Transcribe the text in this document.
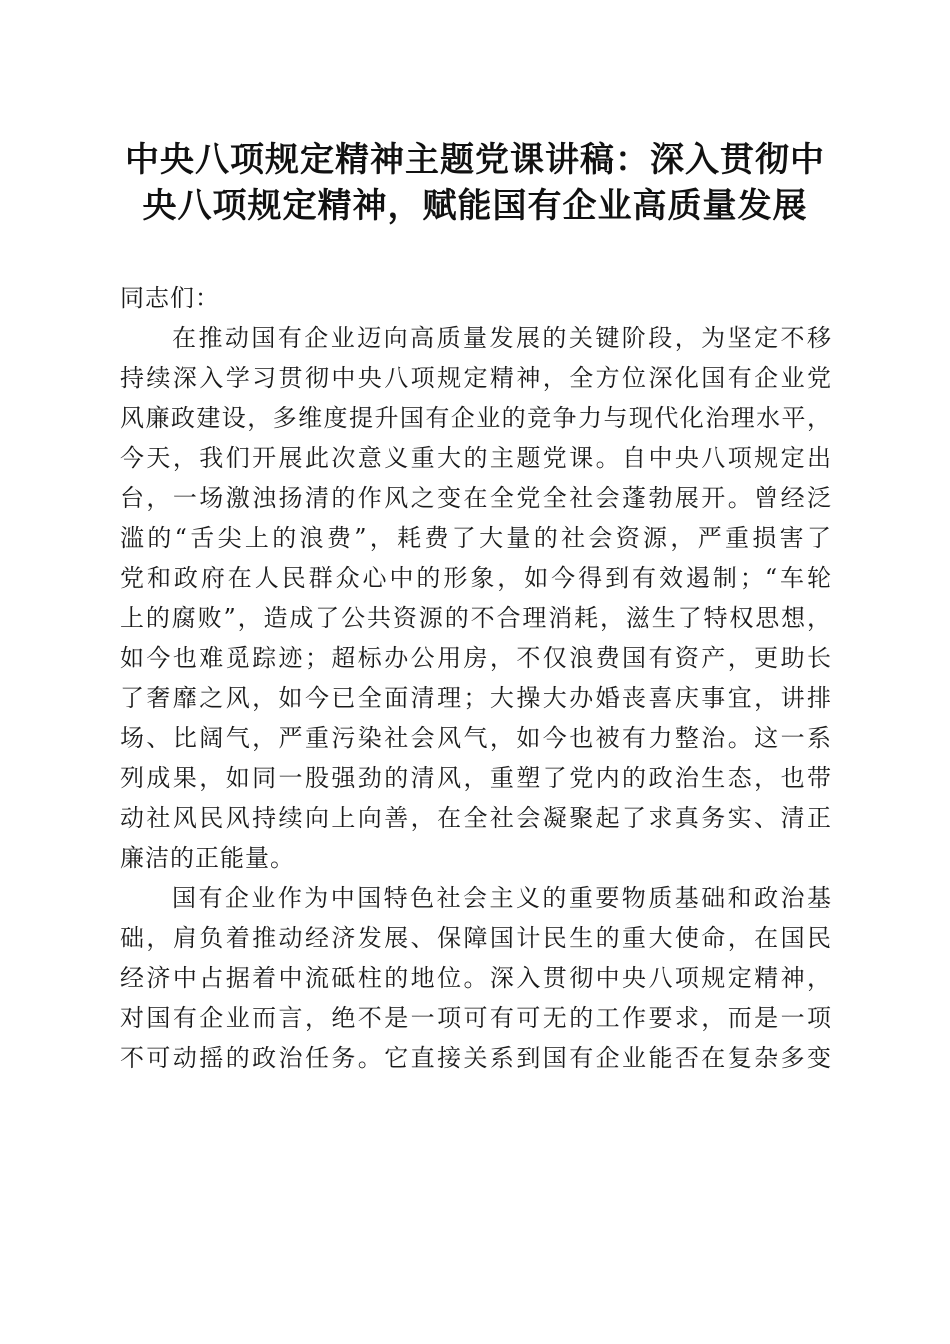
中央八项规定精神主题党课讲稿：深入贯彻中
央八项规定精神，赋能国有企业高质量发展
同志们：
在推动国有企业迈向高质量发展的关键阶段，为坚定不移
持续深入学习贯彻中央八项规定精神，全方位深化国有企业党
风廉政建设，多维度提升国有企业的竞争力与现代化治理水平，
今天，我们开展此次意义重大的主题党课。自中央八项规定出
台，一场激浊扬清的作风之变在全党全社会蓬勃展开。曾经泛
滥的“舌尖上的浪费”，耗费了大量的社会资源，严重损害了
党和政府在人民群众心中的形象，如今得到有效遏制；“车轮
上的腐败”，造成了公共资源的不合理消耗，滋生了特权思想，
如今也难觅踪迹；超标办公用房，不仅浪费国有资产，更助长
了奢靡之风，如今已全面清理；大操大办婚丧喜庆事宜，讲排
场、比阔气，严重污染社会风气，如今也被有力整治。这一系
列成果，如同一股强劲的清风，重塑了党内的政治生态，也带
动社风民风持续向上向善，在全社会凝聚起了求真务实、清正
廉洁的正能量。
国有企业作为中国特色社会主义的重要物质基础和政治基
础，肩负着推动经济发展、保障国计民生的重大使命，在国民
经济中占据着中流砥柱的地位。深入贯彻中央八项规定精神，
对国有企业而言，绝不是一项可有可无的工作要求，而是一项
不可动摇的政治任务。它直接关系到国有企业能否在复杂多变
